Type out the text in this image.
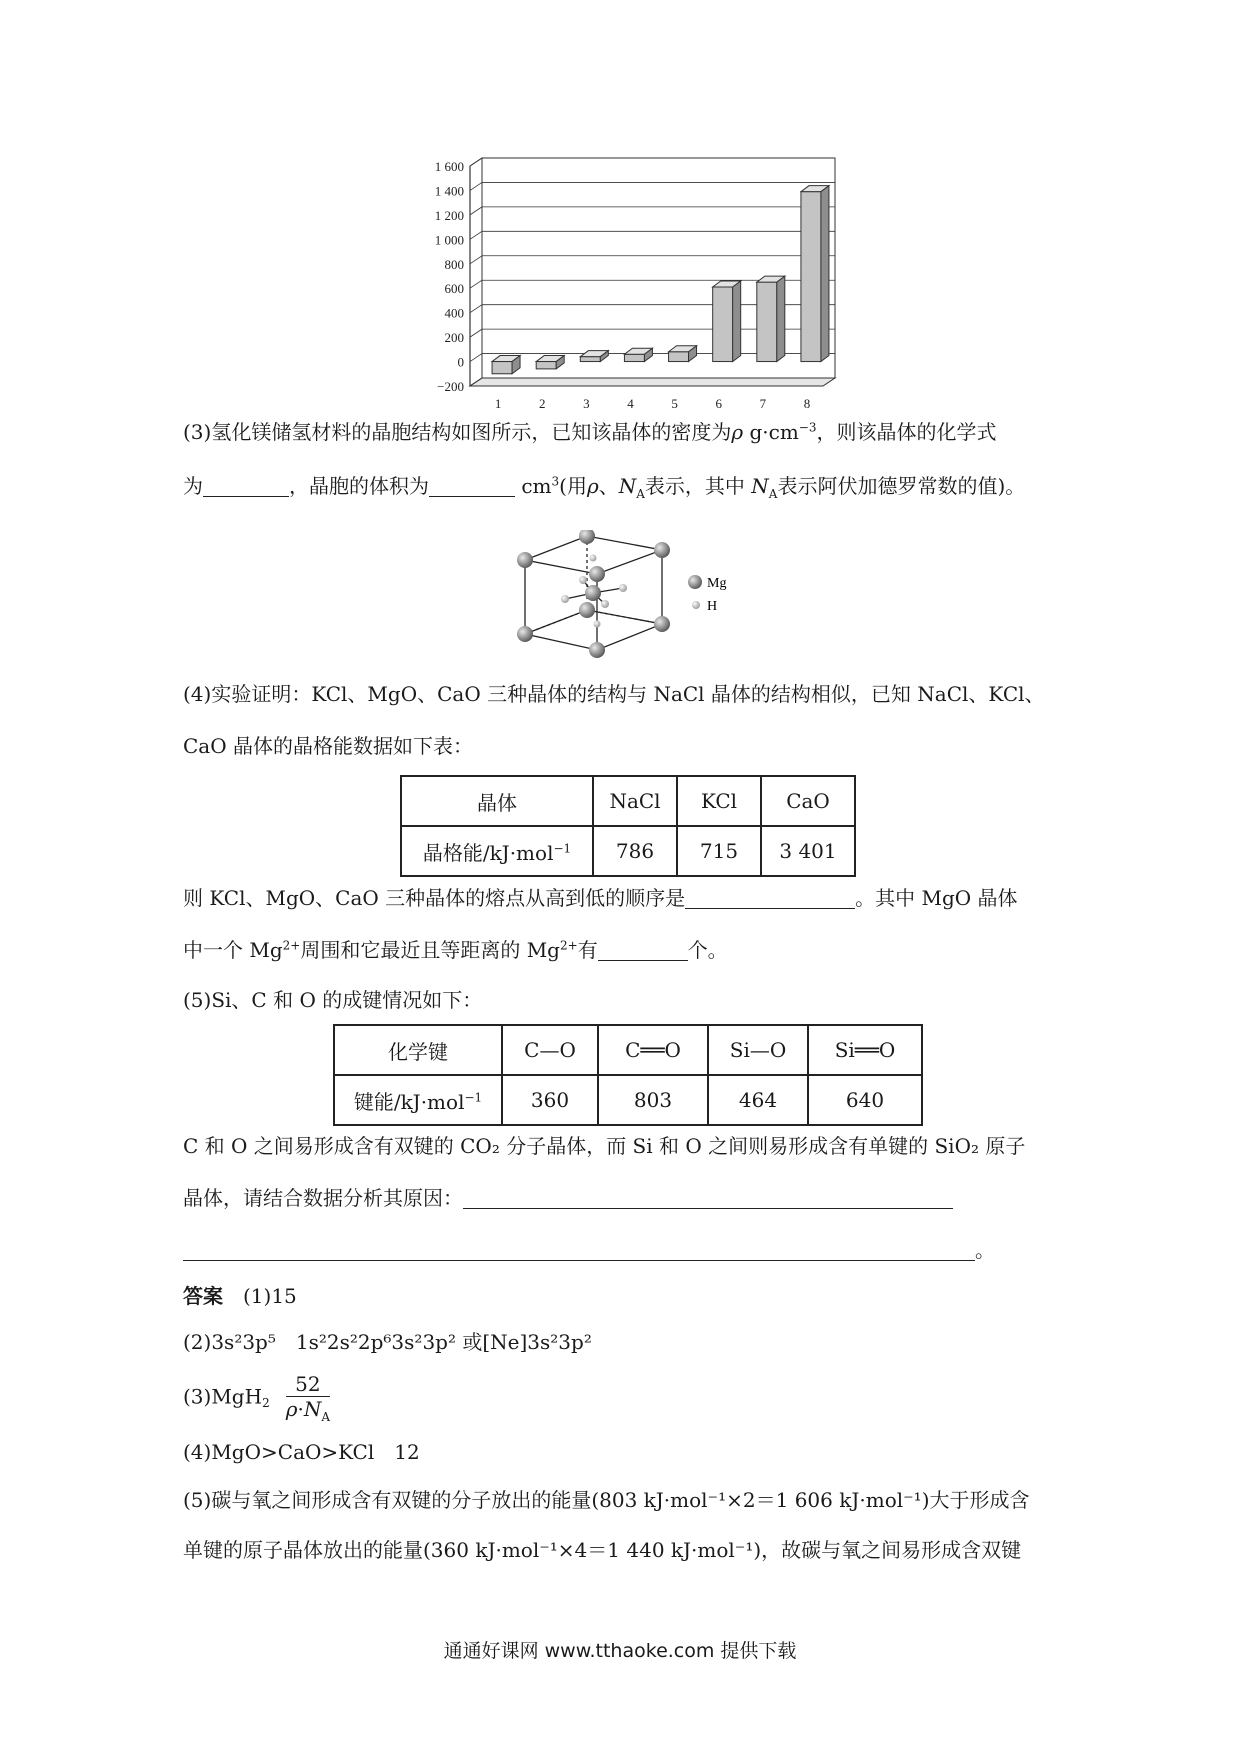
1 600
1 400
1 200
1 000
800
600
400
200
0
−200
1	2	3	4	5	6	7	8

(3)氢化镁储氢材料的晶胞结构如图所示，已知该晶体的密度为ρ $g\cdot cm^{-3}$，则该晶体的化学式

为	，晶胞的体积为	$cm^3$(用ρ、$N_A$表示，其中 $N_A$表示阿伏加德罗常数的值)。

Mg
H

(4)实验证明：KCl、MgO、CaO 三种晶体的结构与 NaCl 晶体的结构相似，已知 NaCl、KCl、

CaO 晶体的晶格能数据如下表：

晶体	NaCl	KCl	CaO
晶格能/kJ·mol$^{-1}$	786	715	3 401

则 KCl、MgO、CaO 三种晶体的熔点从高到低的顺序是	。其中 MgO 晶体

中一个 $Mg^{2+}$周围和它最近且等距离的 $Mg^{2+}$有	个。

(5)Si、C 和 O 的成键情况如下：

化学键	C—O	C══O	Si—O	Si══O
键能/kJ·mol$^{-1}$	360	803	464	640

C 和 O 之间易形成含有双键的 CO₂ 分子晶体，而 Si 和 O 之间则易形成含有单键的 SiO₂ 原子

晶体，请结合数据分析其原因：

。

答案　 (1)15

(2)3s²3p⁵　1s²2s²2p⁶3s²3p² 或[Ne]3s²3p²

$(3)MgH_2 \frac{52}{\rho\cdot N_A}$

(4)MgO>CaO>KCl　12

(5)碳与氧之间形成含有双键的分子放出的能量(803 kJ·mol⁻¹×2＝1 606 kJ·mol⁻¹)大于形成含

单键的原子晶体放出的能量(360 kJ·mol⁻¹×4＝1 440 kJ·mol⁻¹)，故碳与氧之间易形成含双键

通通好课网 www.tthaoke.com 提供下载
